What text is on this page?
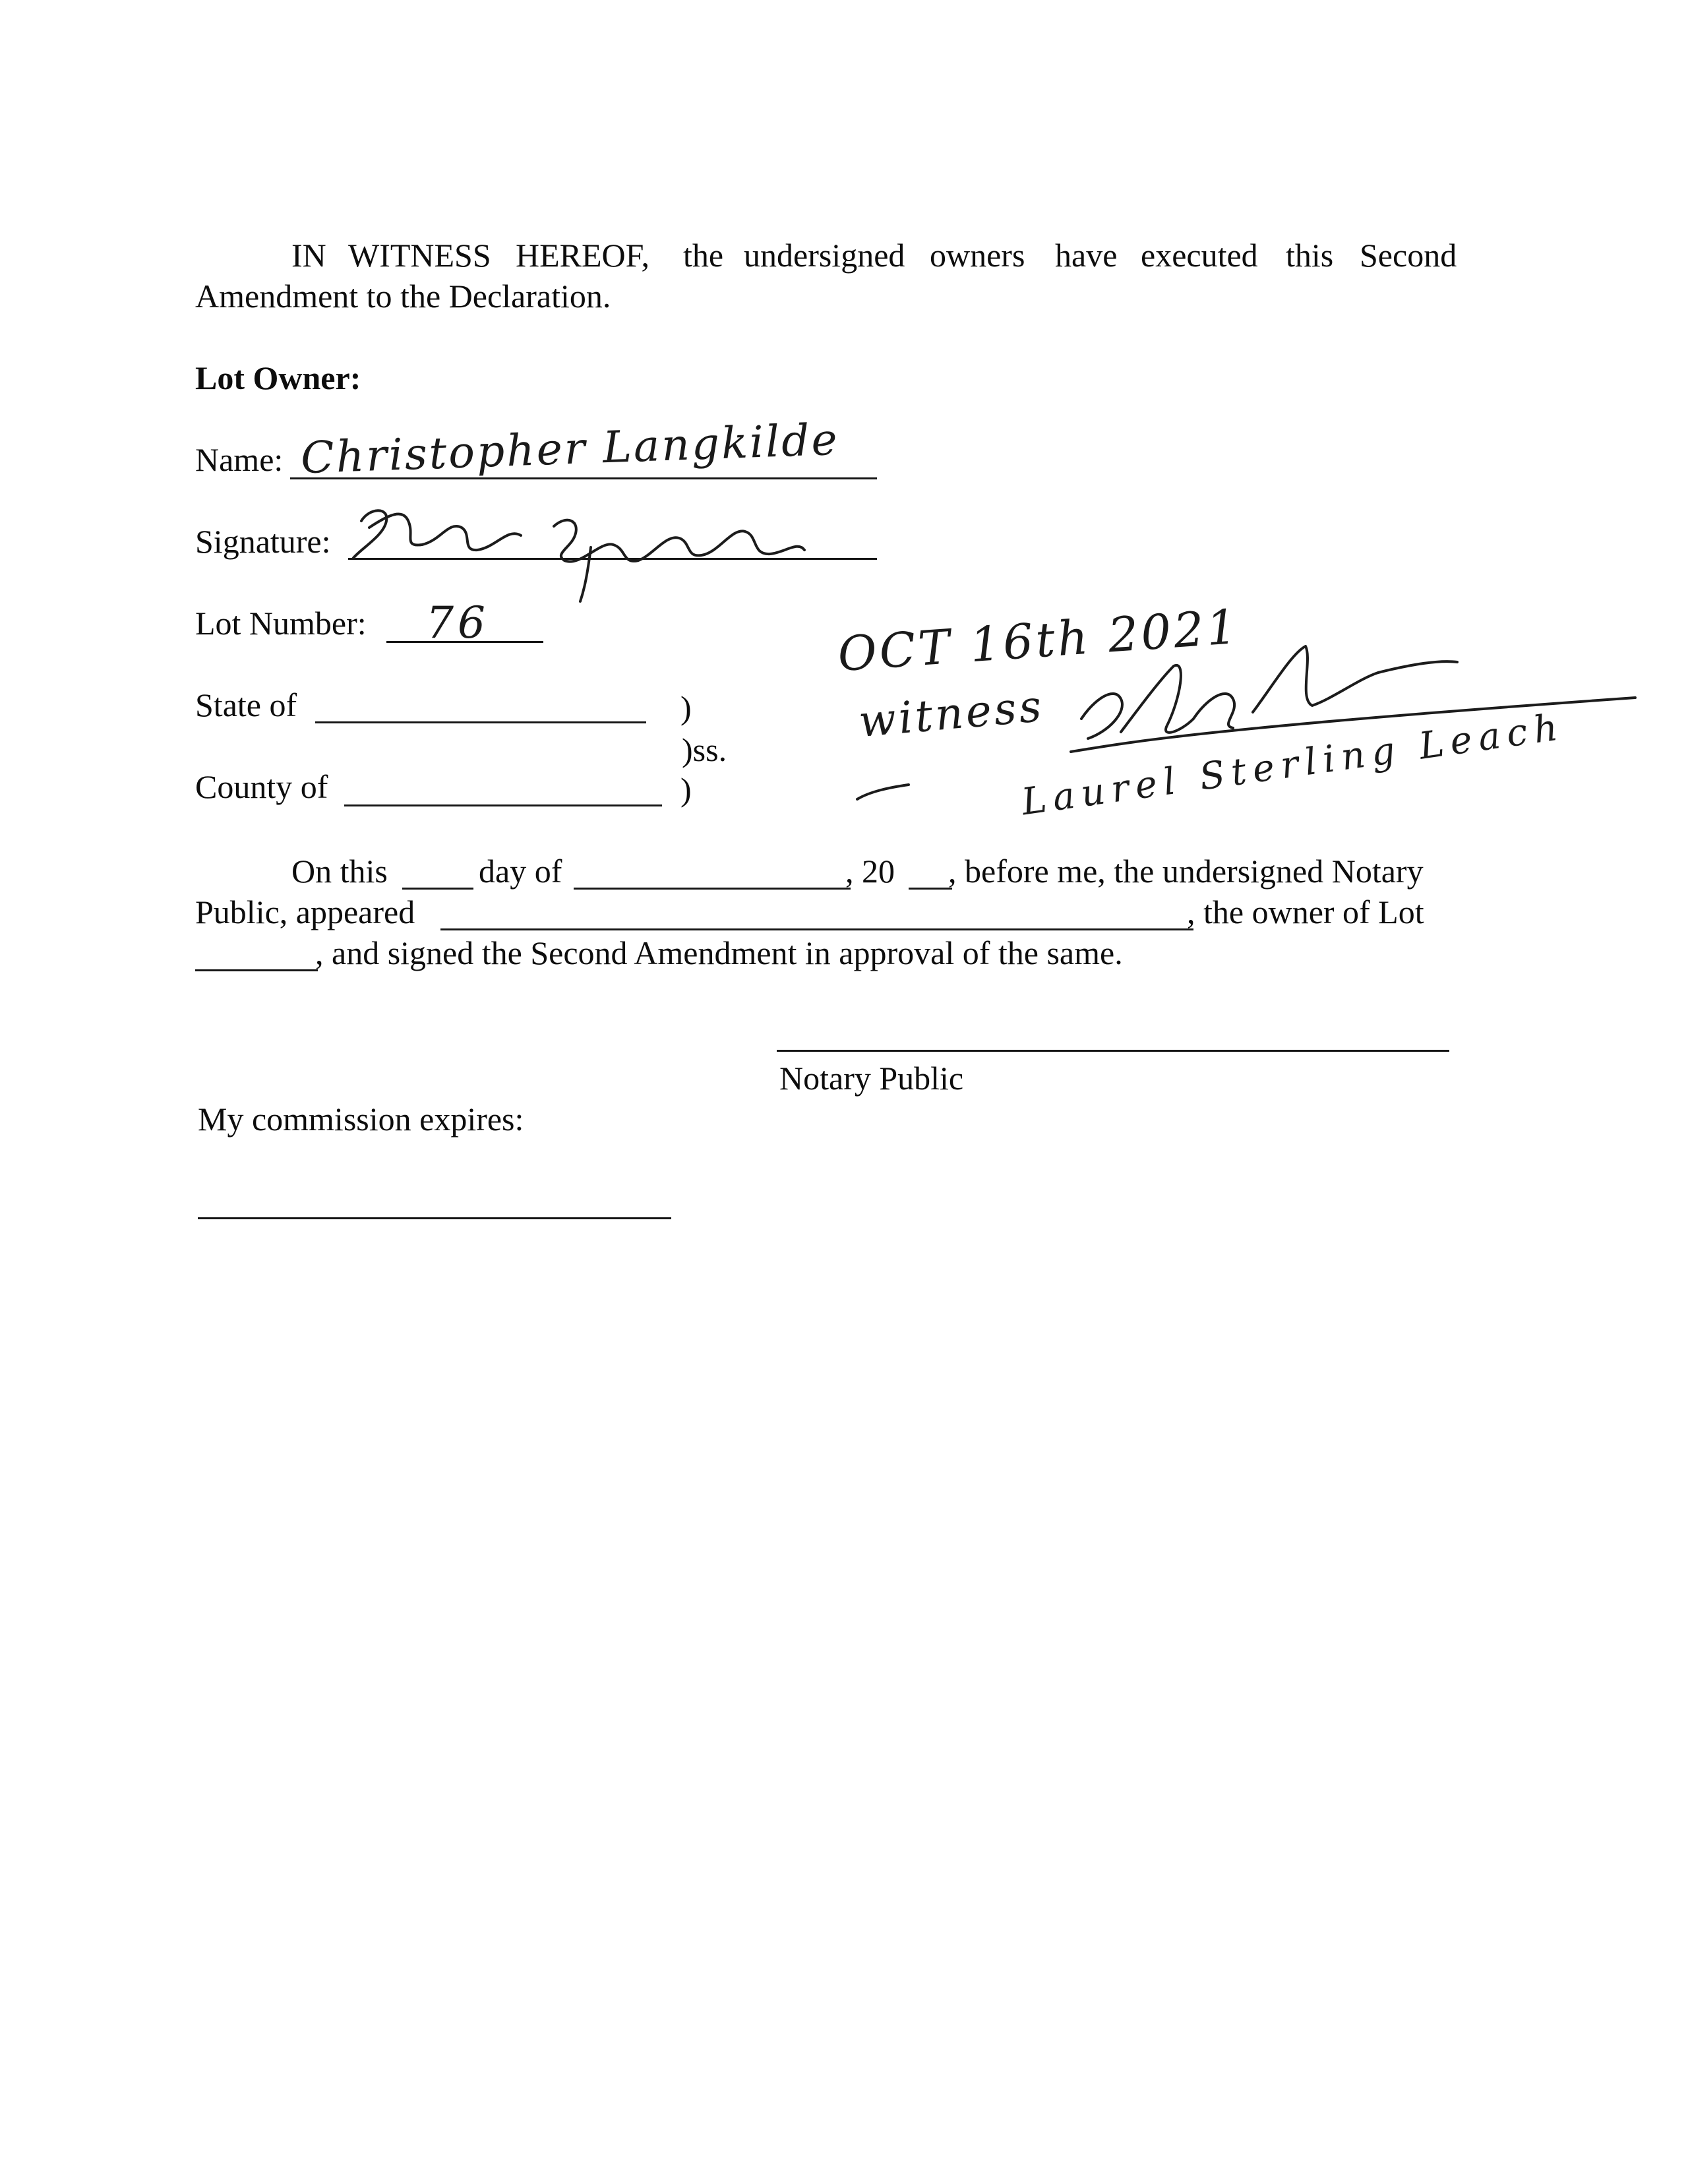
IN WITNESS HEREOF, the undersigned owners have executed this Second
Amendment to the Declaration.
Lot Owner:
Name: Christopher Langkilde
Signature:
Lot Number: 76
State of	)
)ss.
County of	)
OCT 16th 2021
witness
Laurel Sterling Leach
On this	day of	, 20 , before me, the undersigned Notary
Public, appeared	, the owner of Lot
, and signed the Second Amendment in approval of the same.
Notary Public
My commission expires:
